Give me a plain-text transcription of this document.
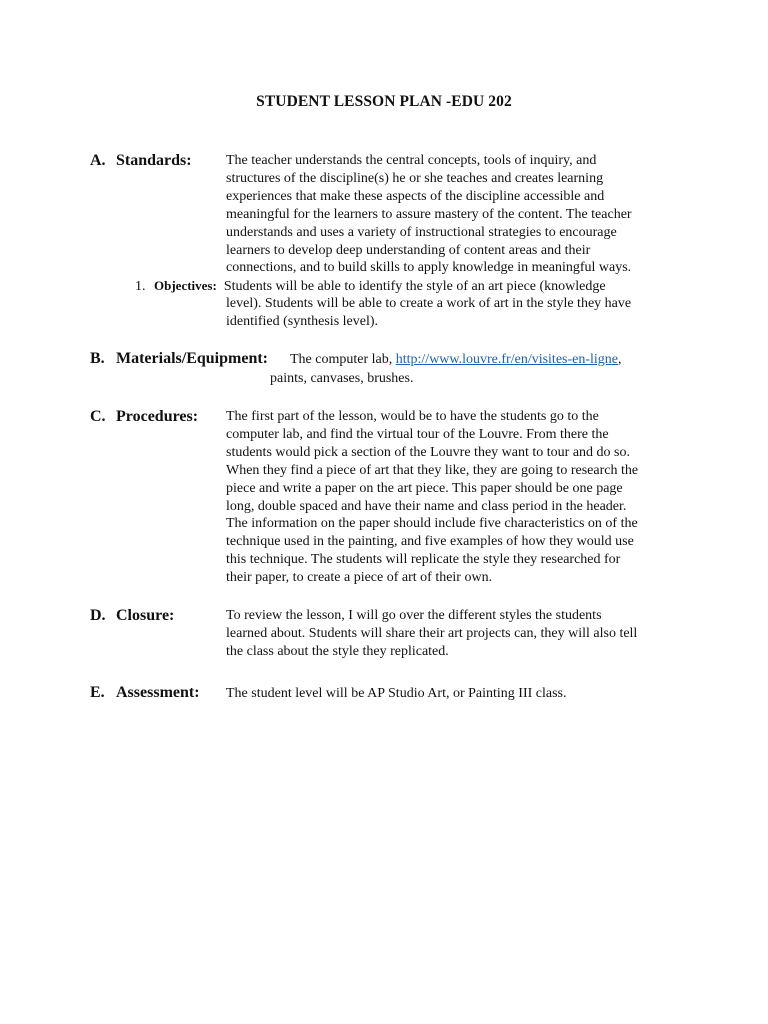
STUDENT LESSON PLAN -EDU 202
A. Standards: The teacher understands the central concepts, tools of inquiry, and

structures of the discipline(s) he or she teaches and creates learning

experiences that make these aspects of the discipline accessible and

meaningful for the learners to assure mastery of the content. The teacher

understands and uses a variety of instructional strategies to encourage

learners to develop deep understanding of content areas and their

connections, and to build skills to apply knowledge in meaningful ways.

1. Objectives: Students will be able to identify the style of an art piece (knowledge

level). Students will be able to create a work of art in the style they have

identified (synthesis level).

B. Materials/Equipment: The computer lab, http://www.louvre.fr/en/visites-en-ligne,
paints, canvases, brushes.
C. Procedures: The first part of the lesson, would be to have the students go to the

computer lab, and find the virtual tour of the Louvre. From there the

students would pick a section of the Louvre they want to tour and do so.

When they find a piece of art that they like, they are going to research the

piece and write a paper on the art piece. This paper should be one page

long, double spaced and have their name and class period in the header.

The information on the paper should include five characteristics on of the

technique used in the painting, and five examples of how they would use

this technique. The students will replicate the style they researched for

their paper, to create a piece of art of their own.

D. Closure:	To review the lesson, I will go over the different styles the students

learned about. Students will share their art projects can, they will also tell

the class about the style they replicated.

E. Assessment: The student level will be AP Studio Art, or Painting III class.
